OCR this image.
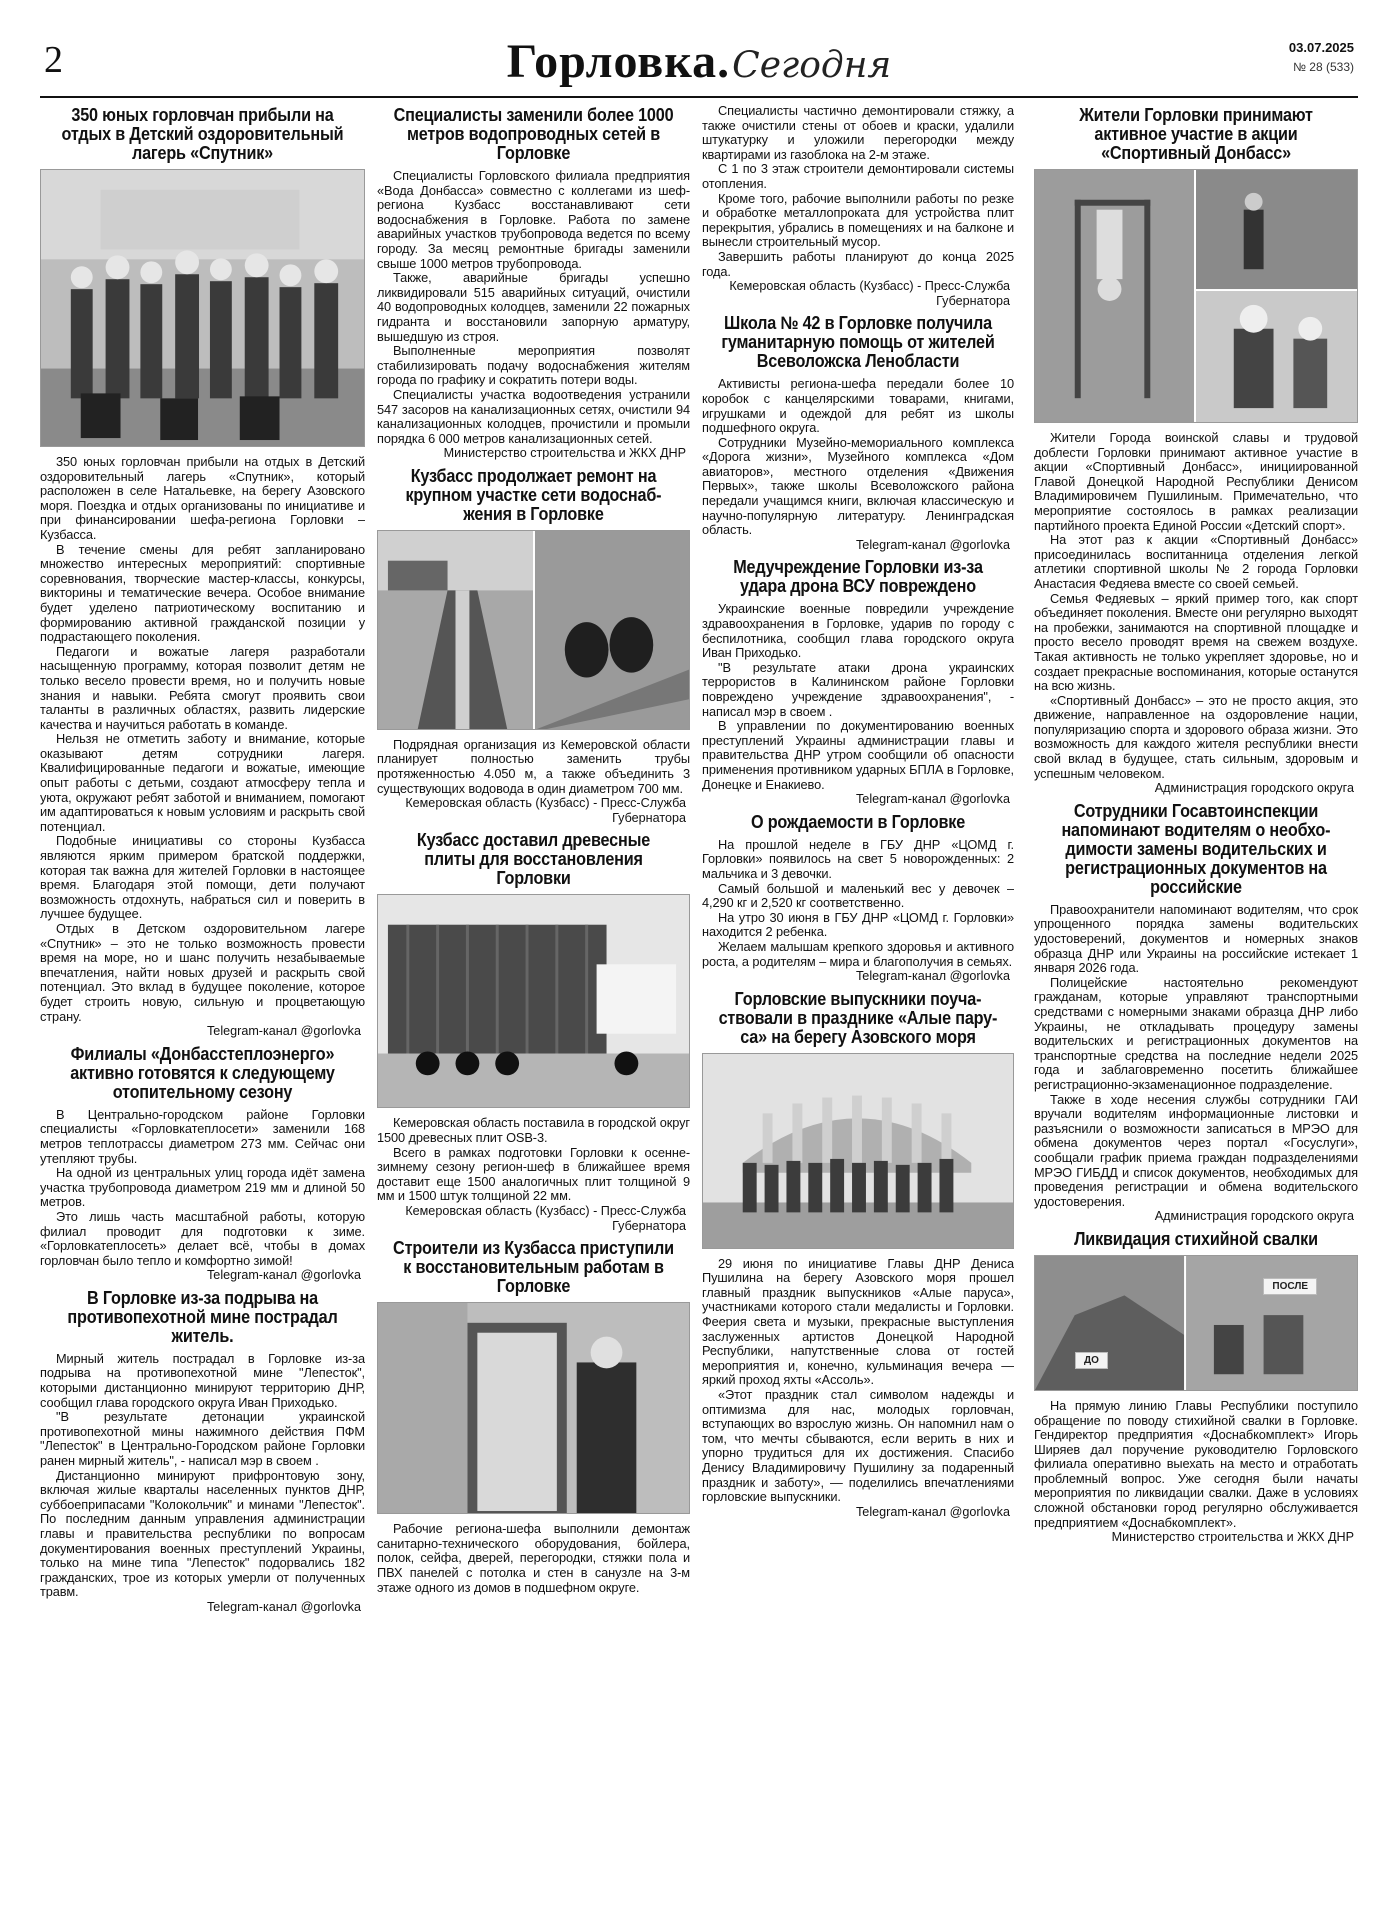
2	Горловка.Сегодня	03.07.2025
№ 28 (533)
350 юных горловчан прибыли на отдых в Детский оздоровительный лагерь «Спутник»

350 юных горловчан прибыли на отдых в Детский оздоровительный лагерь «Спутник», который расположен в селе Натальевке, на берегу Азовского моря. Поездка и отдых организованы по инициативе и при финансировании шефа-региона Горловки – Кузбасса.

В течение смены для ребят запланировано множество интересных мероприятий: спортивные соревнования, творческие мастер-классы, конкурсы, викторины и тематические вечера. Особое внимание будет уделено патриотическому воспитанию и формированию активной гражданской позиции у подрастающего поколения.

Педагоги и вожатые лагеря разработали насыщенную программу, которая позволит детям не только весело провести время, но и получить новые знания и навыки. Ребята смогут проявить свои таланты в различных областях, развить лидерские качества и научиться работать в команде.

Нельзя не отметить заботу и внимание, которые оказывают детям сотрудники лагеря. Квалифицированные педагоги и вожатые, имеющие опыт работы с детьми, создают атмосферу тепла и уюта, окружают ребят заботой и вниманием, помогают им адаптироваться к новым условиям и раскрыть свой потенциал.

Подобные инициативы со стороны Кузбасса являются ярким примером братской поддержки, которая так важна для жителей Горловки в настоящее время. Благодаря этой помощи, дети получают возможность отдохнуть, набраться сил и поверить в лучшее будущее.

Отдых в Детском оздоровительном лагере «Спутник» – это не только возможность провести время на море, но и шанс получить незабываемые впечатления, найти новых друзей и раскрыть свой потенциал. Это вклад в будущее поколение, которое будет строить новую, сильную и процветающую страну.

Telegram-канал @gorlovka
Филиалы «Донбасстеплоэнерго» активно готовятся к следующему отопительному сезону

В Центрально-городском районе Горловки специалисты «Горловкатеплосети» заменили 168 метров теплотрассы диаметром 273 мм. Сейчас они утепляют трубы.

На одной из центральных улиц города идёт замена участка трубопровода диаметром 219 мм и длиной 50 метров.

Это лишь часть масштабной работы, которую филиал проводит для подготовки к зиме. «Горловкатеплосеть» делает всё, чтобы в домах горловчан было тепло и комфортно зимой!

Telegram-канал @gorlovka
В Горловке из-за подрыва на противопехотной мине пострадал житель.

Мирный житель пострадал в Горловке из-за подрыва на противопехотной мине "Лепесток", которыми дистанционно минируют территорию ДНР, сообщил глава городского округа Иван Приходько.

"В результате детонации украинской противопехотной мины нажимного действия ПФМ "Лепесток" в Центрально-Городском районе Горловки ранен мирный житель", - написал мэр в своем .

Дистанционно минируют прифронтовую зону, включая жилые кварталы населенных пунктов ДНР, суббоеприпасами "Колокольчик" и минами "Лепесток". По последним данным управления администрации главы и правительства республики по вопросам документирования военных преступлений Украины, только на мине типа "Лепесток" подорвались 182 гражданских, трое из которых умерли от полученных травм.

Telegram-канал @gorlovka
Специалисты заменили более 1000 метров водопроводных сетей в Горловке

Специалисты Горловского филиала предприятия «Вода Донбасса» совместно с коллегами из шеф-региона Кузбасс восстанавливают сети водоснабжения в Горловке. Работа по замене аварийных участков трубопровода ведется по всему городу. За месяц ремонтные бригады заменили свыше 1000 метров трубопровода.

Также, аварийные бригады успешно ликвидировали 515 аварийных ситуаций, очистили 40 водопроводных колодцев, заменили 22 пожарных гидранта и восстановили запорную арматуру, вышедшую из строя.

Выполненные мероприятия позволят стабилизировать подачу водоснабжения жителям города по графику и сократить потери воды.

Специалисты участка водоотведения устранили 547 засоров на канализационных сетях, очистили 94 канализационных колодцев, прочистили и промыли порядка 6 000 метров канализационных сетей.

Министерство строительства и ЖКХ ДНР
Кузбасс продолжает ремонт на крупном участке сети водоснабжения в Горловке

Подрядная организация из Кемеровской области планирует полностью заменить трубы протяженностью 4.050 м, а также объединить 3 существующих водовода в один диаметром 700 мм.

Кемеровская область (Кузбасс) - Пресс-Служба Губернатора
Кузбасс доставил древесные плиты для восстановления Горловки

Кемеровская область поставила в городской округ 1500 древесных плит OSB-3.

Всего в рамках подготовки Горловки к осенне-зимнему сезону регион-шеф в ближайшее время доставит еще 1500 аналогичных плит толщиной 9 мм и 1500 штук толщиной 22 мм.

Кемеровская область (Кузбасс) - Пресс-Служба Губернатора
Строители из Кузбасса приступили к восстановительным работам в Горловке

Рабочие региона-шефа выполнили демонтаж санитарно-технического оборудования, бойлера, полок, сейфа, дверей, перегородки, стяжки пола и ПВХ панелей с потолка и стен в санузле на 3-м этаже одного из домов в подшефном округе.

Специалисты частично демонтировали стяжку, а также очистили стены от обоев и краски, удалили штукатурку и уложили перегородки между квартирами из газоблока на 2-м этаже.

С 1 по 3 этаж строители демонтировали системы отопления.

Кроме того, рабочие выполнили работы по резке и обработке металлопроката для устройства плит перекрытия, убрались в помещениях и на балконе и вынесли строительный мусор.

Завершить работы планируют до конца 2025 года.

Кемеровская область (Кузбасс) - Пресс-Служба Губернатора
Школа № 42 в Горловке получила гуманитарную помощь от жителей Всеволожска Ленобласти

Активисты региона-шефа передали более 10 коробок с канцелярскими товарами, книгами, игрушками и одеждой для ребят из школы подшефного округа.

Сотрудники Музейно-мемориального комплекса «Дорога жизни», Музейного комплекса «Дом авиаторов», местного отделения «Движения Первых», также школы Всеволожского района передали учащимся книги, включая классическую и научно-популярную литературу. Ленинградская область.

Telegram-канал @gorlovka
Медучреждение Горловки из-за удара дрона ВСУ повреждено

Украинские военные повредили учреждение здравоохранения в Горловке, ударив по городу с беспилотника, сообщил глава городского округа Иван Приходько.

"В результате атаки дрона украинских террористов в Калининском районе Горловки повреждено учреждение здравоохранения", - написал мэр в своем .

В управлении по документированию военных преступлений Украины администрации главы и правительства ДНР утром сообщили об опасности применения противником ударных БПЛА в Горловке, Донецке и Енакиево.

Telegram-канал @gorlovka
О рождаемости в Горловке

На прошлой неделе в ГБУ ДНР «ЦОМД г. Горловки» появилось на свет 5 новорожденных: 2 мальчика и 3 девочки.

Самый большой и маленький вес у девочек – 4,290 кг и 2,520 кг соответственно.

На утро 30 июня в ГБУ ДНР «ЦОМД г. Горловки» находится 2 ребенка.

Желаем малышам крепкого здоровья и активного роста, а родителям – мира и благополучия в семьях.

Telegram-канал @gorlovka
Горловские выпускники поучаствовали в празднике «Алые паруса» на берегу Азовского моря

29 июня по инициативе Главы ДНР Дениса Пушилина на берегу Азовского моря прошел главный праздник выпускников «Алые паруса», участниками которого стали медалисты и Горловки. Феерия света и музыки, прекрасные выступления заслуженных артистов Донецкой Народной Республики, напутственные слова от гостей мероприятия и, конечно, кульминация вечера — яркий проход яхты «Ассоль».

«Этот праздник стал символом надежды и оптимизма для нас, молодых горловчан, вступающих во взрослую жизнь. Он напомнил нам о том, что мечты сбываются, если верить в них и упорно трудиться для их достижения. Спасибо Денису Владимировичу Пушилину за подаренный праздник и заботу», — поделились впечатлениями горловские выпускники.

Telegram-канал @gorlovka
Жители Горловки принимают активное участие в акции «Спортивный Донбасс»

Жители Города воинской славы и трудовой доблести Горловки принимают активное участие в акции «Спортивный Донбасс», инициированной Главой Донецкой Народной Республики Денисом Владимировичем Пушилиным. Примечательно, что мероприятие состоялось в рамках реализации партийного проекта Единой России «Детский спорт».

На этот раз к акции «Спортивный Донбасс» присоединилась воспитанница отделения легкой атлетики спортивной школы № 2 города Горловки Анастасия Федяева вместе со своей семьей.

Семья Федяевых – яркий пример того, как спорт объединяет поколения. Вместе они регулярно выходят на пробежки, занимаются на спортивной площадке и просто весело проводят время на свежем воздухе. Такая активность не только укрепляет здоровье, но и создает прекрасные воспоминания, которые останутся на всю жизнь.

«Спортивный Донбасс» – это не просто акция, это движение, направленное на оздоровление нации, популяризацию спорта и здорового образа жизни. Это возможность для каждого жителя республики внести свой вклад в будущее, стать сильным, здоровым и успешным человеком.

Администрация городского округа
Сотрудники Госавтоинспекции напоминают водителям о необходимости замены водительских и регистрационных документов на российские

Правоохранители напоминают водителям, что срок упрощенного порядка замены водительских удостоверений, документов и номерных знаков образца ДНР или Украины на российские истекает 1 января 2026 года.

Полицейские настоятельно рекомендуют гражданам, которые управляют транспортными средствами с номерными знаками образца ДНР либо Украины, не откладывать процедуру замены водительских и регистрационных документов на транспортные средства на последние недели 2025 года и заблаговременно посетить ближайшее регистрационно-экзаменационное подразделение.

Также в ходе несения службы сотрудники ГАИ вручали водителям информационные листовки и разъяснили о возможности записаться в МРЭО для обмена документов через портал «Госуслуги», сообщали график приема граждан подразделениями МРЭО ГИБДД и список документов, необходимых для проведения регистрации и обмена водительского удостоверения.

Администрация городского округа
Ликвидация стихийной свалки
ДО
ПОСЛЕ

На прямую линию Главы Республики поступило обращение по поводу стихийной свалки в Горловке. Гендиректор предприятия «Доснабкомплект» Игорь Ширяев дал поручение руководителю Горловского филиала оперативно выехать на место и отработать проблемный вопрос. Уже сегодня были начаты мероприятия по ликвидации свалки. Даже в условиях сложной обстановки город регулярно обслуживается предприятием «Доснабкомплект».

Министерство строительства и ЖКХ ДНР
